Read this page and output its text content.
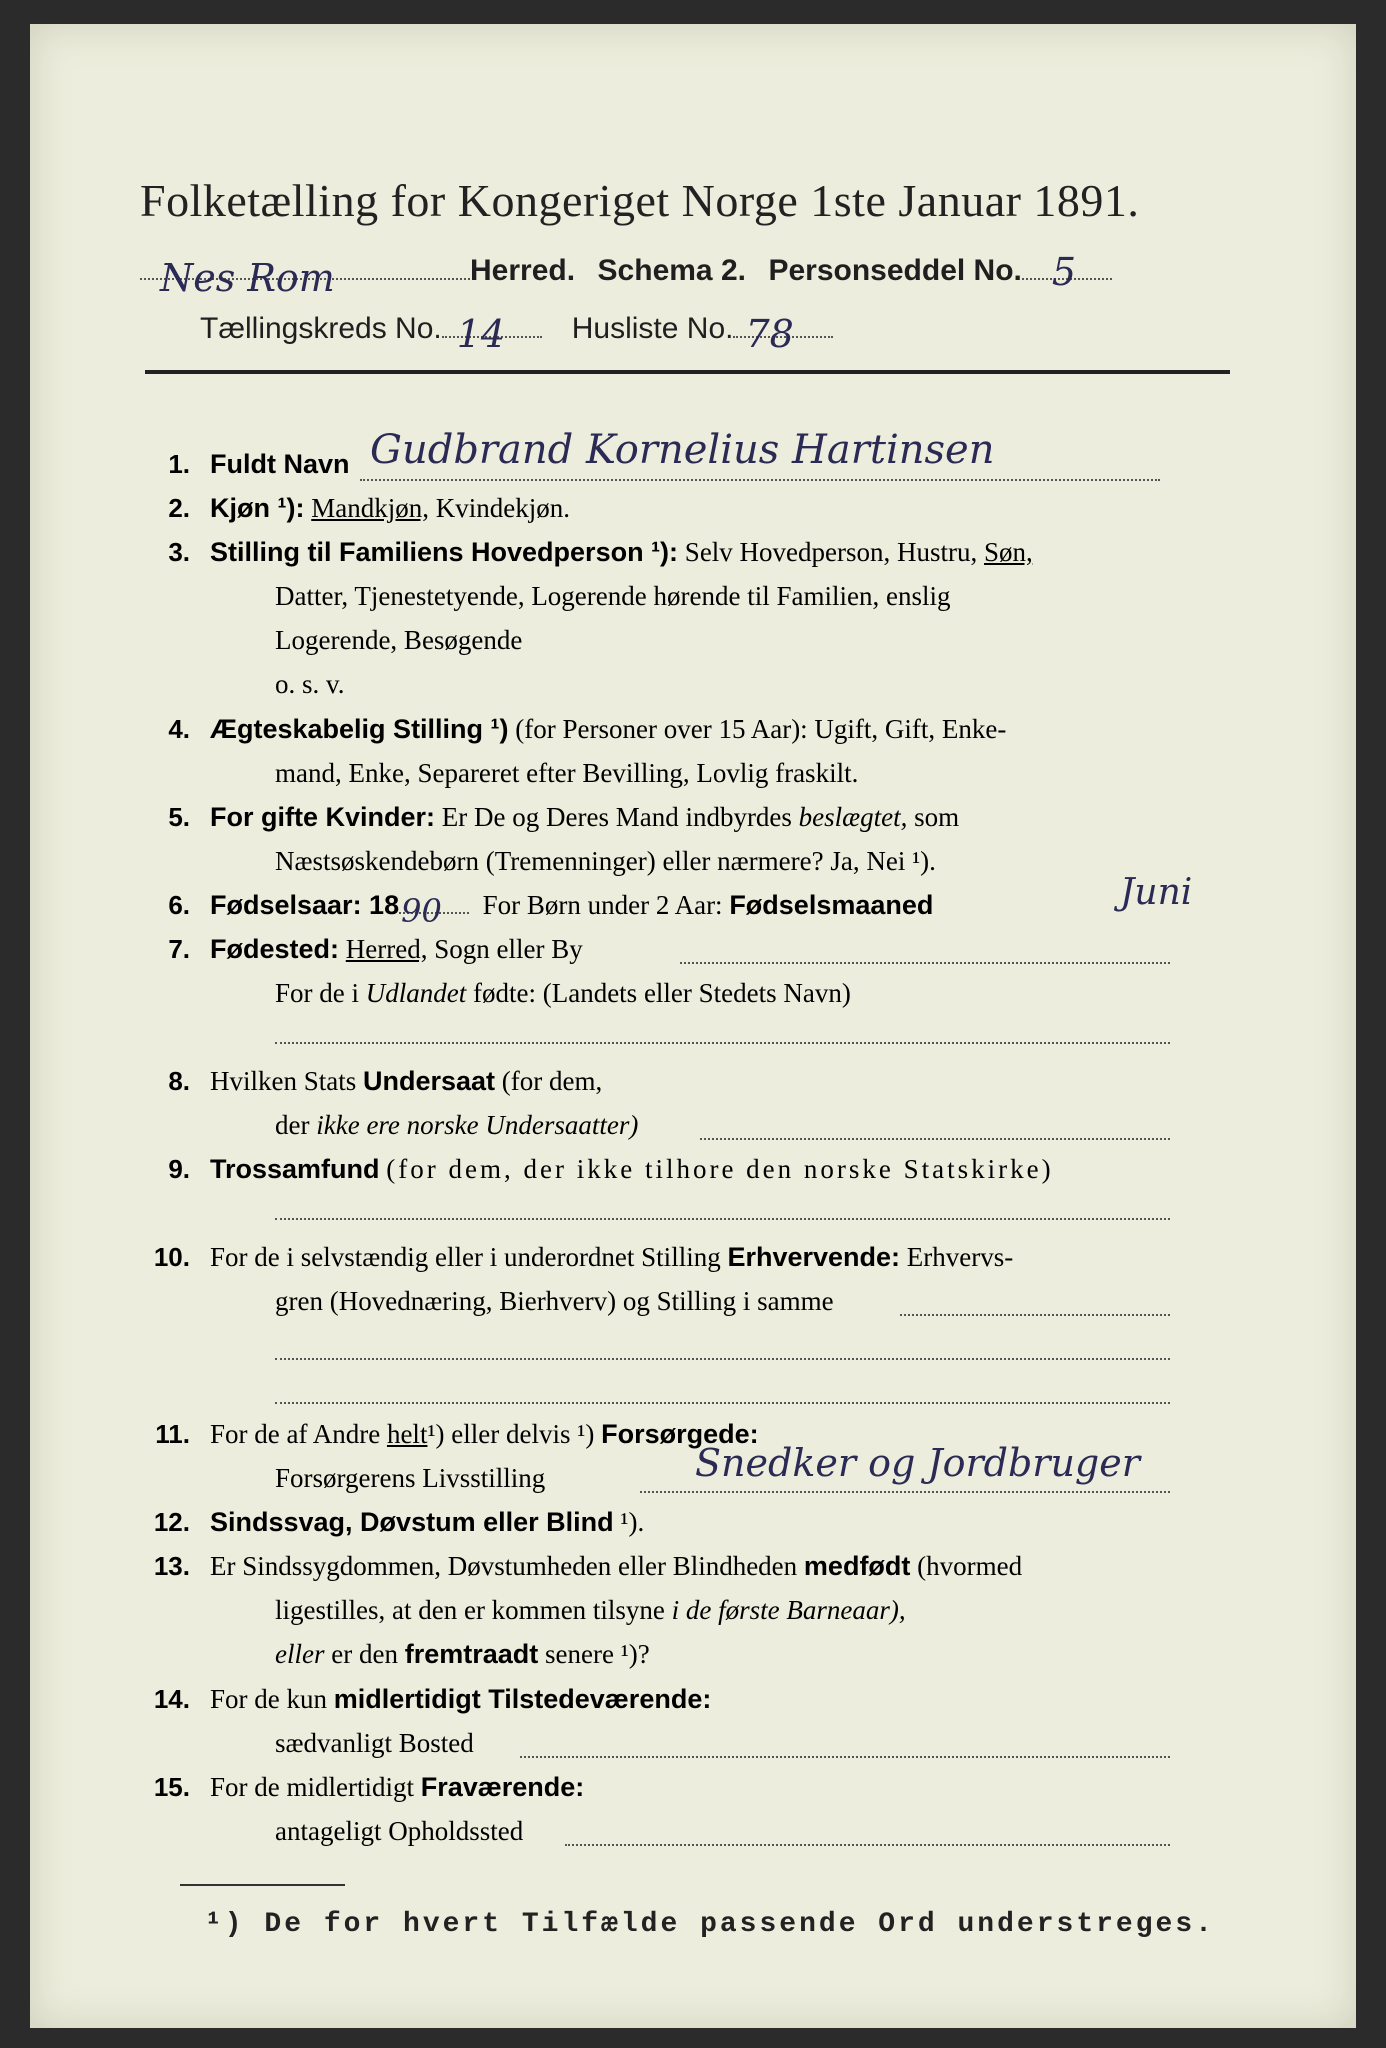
Folketælling for Kongeriget Norge 1ste Januar 1891.
Nes Rom	Herred. Schema 2. Personseddel No. 5
Tællingskreds No. 14 Husliste No. 78
1. Fuldt Navn Gudbrand Kornelius Hartinsen
2. Kjøn ¹): Mandkjøn, Kvindekjøn.
3. Stilling til Familiens Hovedperson ¹): Selv Hovedperson, Hustru, Søn,
Datter, Tjenestetyende, Logerende hørende til Familien, enslig
Logerende, Besøgende
o. s. v.
4. Ægteskabelig Stilling ¹) (for Personer over 15 Aar): Ugift, Gift, Enke-
mand, Enke, Separeret efter Bevilling, Lovlig fraskilt.
5. For gifte Kvinder: Er De og Deres Mand indbyrdes beslægtet, som
Næstsøskendebørn (Tremenninger) eller nærmere? Ja, Nei ¹).
6. Fødselsaar: 18 90 For Børn under 2 Aar: Fødselsmaaned	Juni
7. Fødested: Herred, Sogn eller By
For de i Udlandet fødte: (Landets eller Stedets Navn)
8. Hvilken Stats Undersaat (for dem,
der ikke ere norske Undersaatter)
9. Trossamfund (for dem, der ikke tilhore den norske Statskirke)
10. For de i selvstændig eller i underordnet Stilling Erhvervende: Erhvervs-
gren (Hovednæring, Bierhverv) og Stilling i samme
11. For de af Andre helt¹) eller delvis ¹) Forsørgede:
Forsørgerens Livsstilling	Snedker og Jordbruger
12. Sindssvag, Døvstum eller Blind ¹).
13. Er Sindssygdommen, Døvstumheden eller Blindheden medfødt (hvormed
ligestilles, at den er kommen tilsyne i de første Barneaar),
eller er den fremtraadt senere ¹)?
14. For de kun midlertidigt Tilstedeværende:
sædvanligt Bosted
15. For de midlertidigt Fraværende:
antageligt Opholdssted
¹) De for hvert Tilfælde passende Ord understreges.
